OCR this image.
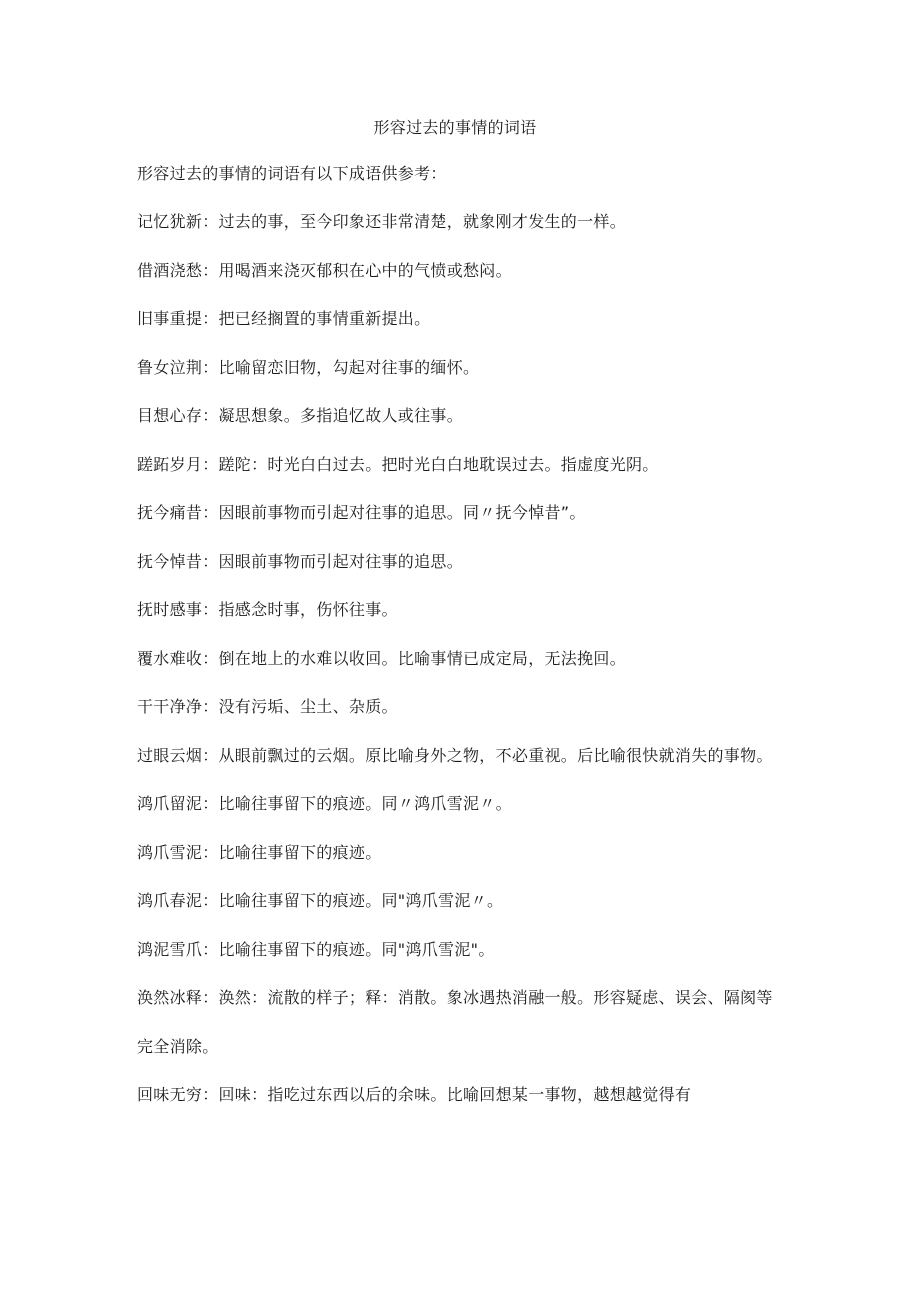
形容过去的事情的词语
形容过去的事情的词语有以下成语供参考：

记忆犹新：过去的事，至今印象还非常清楚，就象刚才发生的一样。

借酒浇愁：用喝酒来浇灭郁积在心中的气愤或愁闷。

旧事重提：把已经搁置的事情重新提出。

鲁女泣荆：比喻留恋旧物，勾起对往事的缅怀。

目想心存：凝思想象。多指追忆故人或往事。

蹉跖岁月：蹉陀：时光白白过去。把时光白白地耽误过去。指虚度光阴。

抚今痛昔：因眼前事物而引起对往事的追思。同〃抚今悼昔”。

抚今悼昔：因眼前事物而引起对往事的追思。

抚时感事：指感念时事，伤怀往事。

覆水难收：倒在地上的水难以收回。比喻事情已成定局，无法挽回。

干干净净：没有污垢、尘土、杂质。

过眼云烟：从眼前飘过的云烟。原比喻身外之物，不必重视。后比喻很快就消失的事物。

鸿爪留泥：比喻往事留下的痕迹。同〃鸿爪雪泥〃。

鸿爪雪泥：比喻往事留下的痕迹。

鸿爪春泥：比喻往事留下的痕迹。同"鸿爪雪泥〃。

鸿泥雪爪：比喻往事留下的痕迹。同"鸿爪雪泥"。

涣然冰释：涣然：流散的样子；释：消散。象冰遇热消融一般。形容疑虑、误会、隔阂等完全消除。

回味无穷：回味：指吃过东西以后的余味。比喻回想某一事物，越想越觉得有
